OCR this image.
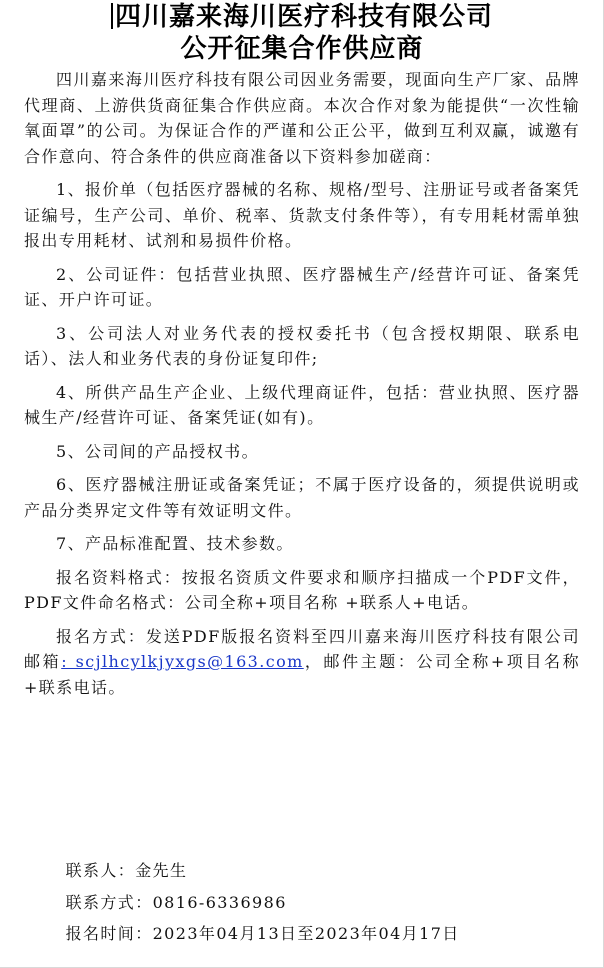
四川嘉来海川医疗科技有限公司
公开征集合作供应商

四川嘉来海川医疗科技有限公司因业务需要，现面向生产厂家、品牌代理商、上游供货商征集合作供应商。本次合作对象为能提供“一次性输氧面罩”的公司。为保证合作的严谨和公正公平，做到互利双赢，诚邀有合作意向、符合条件的供应商准备以下资料参加磋商：

1、报价单（包括医疗器械的名称、规格/型号、注册证号或者备案凭证编号，生产公司、单价、税率、货款支付条件等），有专用耗材需单独报出专用耗材、试剂和易损件价格。

2、公司证件：包括营业执照、医疗器械生产/经营许可证、备案凭证、开户许可证。

3、公司法人对业务代表的授权委托书（包含授权期限、联系电话）、法人和业务代表的身份证复印件;

4、所供产品生产企业、上级代理商证件，包括：营业执照、医疗器械生产/经营许可证、备案凭证(如有)。

5、公司间的产品授权书。

6、医疗器械注册证或备案凭证；不属于医疗设备的，须提供说明或产品分类界定文件等有效证明文件。

7、产品标准配置、技术参数。

报名资料格式：按报名资质文件要求和顺序扫描成一个PDF文件，PDF文件命名格式：公司全称+项目名称 +联系人+电话。

报名方式：发送PDF版报名资料至四川嘉来海川医疗科技有限公司邮箱: scjlhcylkjyxgs@163.com，邮件主题：公司全称+项目名称+联系电话。

联系人：金先生
联系方式：0816-6336986
报名时间：2023年04月13日至2023年04月17日
